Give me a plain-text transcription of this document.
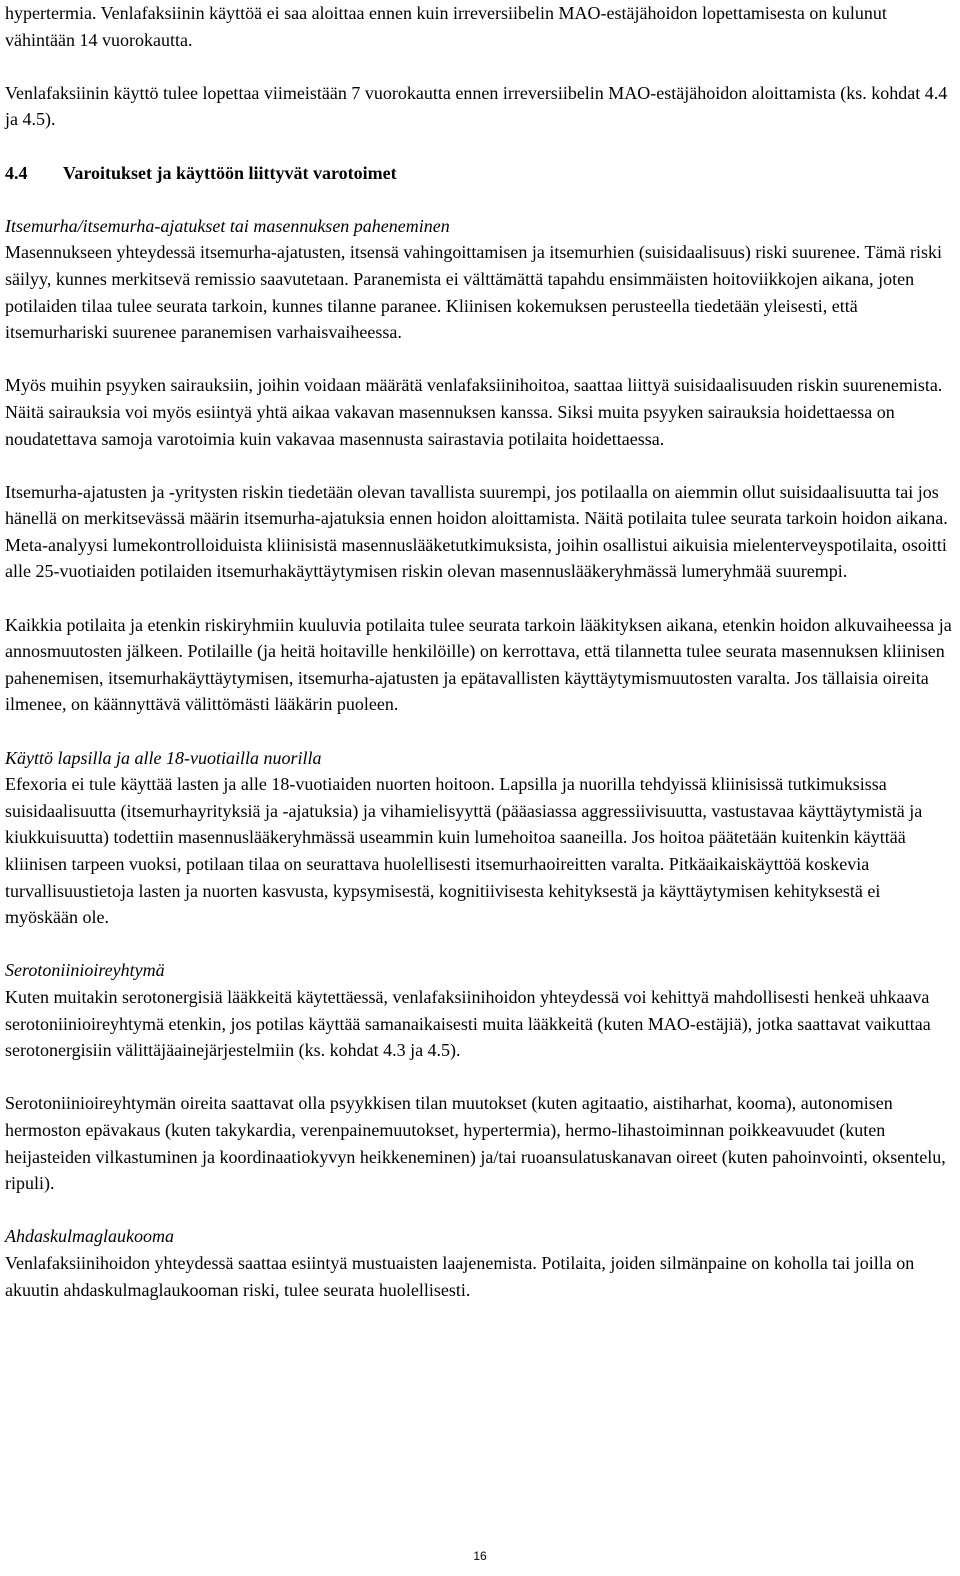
hypertermia. Venlafaksiinin käyttöä ei saa aloittaa ennen kuin irreversiibelin MAO-estäjähoidon lopettamisesta on kulunut vähintään 14 vuorokautta.

Venlafaksiinin käyttö tulee lopettaa viimeistään 7 vuorokautta ennen irreversiibelin MAO-estäjähoidon aloittamista (ks. kohdat 4.4 ja 4.5).

4.4 Varoitukset ja käyttöön liittyvät varotoimet
Itsemurha/itsemurha-ajatukset tai masennuksen paheneminen

Masennukseen yhteydessä itsemurha-ajatusten, itsensä vahingoittamisen ja itsemurhien (suisidaalisuus) riski suurenee. Tämä riski säilyy, kunnes merkitsevä remissio saavutetaan. Paranemista ei välttämättä tapahdu ensimmäisten hoitoviikkojen aikana, joten potilaiden tilaa tulee seurata tarkoin, kunnes tilanne paranee. Kliinisen kokemuksen perusteella tiedetään yleisesti, että itsemurhariski suurenee paranemisen varhaisvaiheessa.

Myös muihin psyyken sairauksiin, joihin voidaan määrätä venlafaksiinihoitoa, saattaa liittyä suisidaalisuuden riskin suurenemista. Näitä sairauksia voi myös esiintyä yhtä aikaa vakavan masennuksen kanssa. Siksi muita psyyken sairauksia hoidettaessa on noudatettava samoja varotoimia kuin vakavaa masennusta sairastavia potilaita hoidettaessa.

Itsemurha-ajatusten ja -yritysten riskin tiedetään olevan tavallista suurempi, jos potilaalla on aiemmin ollut suisidaalisuutta tai jos hänellä on merkitsevässä määrin itsemurha-ajatuksia ennen hoidon aloittamista. Näitä potilaita tulee seurata tarkoin hoidon aikana. Meta-analyysi lumekontrolloiduista kliinisistä masennuslääketutkimuksista, joihin osallistui aikuisia mielenterveyspotilaita, osoitti alle 25-vuotiaiden potilaiden itsemurhakäyttäytymisen riskin olevan masennuslääkeryhmässä lumeryhmää suurempi.

Kaikkia potilaita ja etenkin riskiryhmiin kuuluvia potilaita tulee seurata tarkoin lääkityksen aikana, etenkin hoidon alkuvaiheessa ja annosmuutosten jälkeen. Potilaille (ja heitä hoitaville henkilöille) on kerrottava, että tilannetta tulee seurata masennuksen kliinisen pahenemisen, itsemurhakäyttäytymisen, itsemurha-ajatusten ja epätavallisten käyttäytymismuutosten varalta. Jos tällaisia oireita ilmenee, on käännyttävä välittömästi lääkärin puoleen.

Käyttö lapsilla ja alle 18-vuotiailla nuorilla

Efexoria ei tule käyttää lasten ja alle 18-vuotiaiden nuorten hoitoon. Lapsilla ja nuorilla tehdyissä kliinisissä tutkimuksissa suisidaalisuutta (itsemurhayrityksiä ja -ajatuksia) ja vihamielisyyttä (pääasiassa aggressiivisuutta, vastustavaa käyttäytymistä ja kiukkuisuutta) todettiin masennuslääkeryhmässä useammin kuin lumehoitoa saaneilla. Jos hoitoa päätetään kuitenkin käyttää kliinisen tarpeen vuoksi, potilaan tilaa on seurattava huolellisesti itsemurhaoireitten varalta. Pitkäaikaiskäyttöä koskevia turvallisuustietoja lasten ja nuorten kasvusta, kypsymisestä, kognitiivisesta kehityksestä ja käyttäytymisen kehityksestä ei myöskään ole.

Serotoniinioireyhtymä

Kuten muitakin serotonergisiä lääkkeitä käytettäessä, venlafaksiinihoidon yhteydessä voi kehittyä mahdollisesti henkeä uhkaava serotoniinioireyhtymä etenkin, jos potilas käyttää samanaikaisesti muita lääkkeitä (kuten MAO-estäjiä), jotka saattavat vaikuttaa serotonergisiin välittäjäainejärjestelmiin (ks. kohdat 4.3 ja 4.5).

Serotoniinioireyhtymän oireita saattavat olla psyykkisen tilan muutokset (kuten agitaatio, aistiharhat, kooma), autonomisen hermoston epävakaus (kuten takykardia, verenpainemuutokset, hypertermia), hermo-lihastoiminnan poikkeavuudet (kuten heijasteiden vilkastuminen ja koordinaatiokyvyn heikkeneminen) ja/tai ruoansulatuskanavan oireet (kuten pahoinvointi, oksentelu, ripuli).

Ahdaskulmaglaukooma

Venlafaksiinihoidon yhteydessä saattaa esiintyä mustuaisten laajenemista. Potilaita, joiden silmänpaine on koholla tai joilla on akuutin ahdaskulmaglaukooman riski, tulee seurata huolellisesti.

16
